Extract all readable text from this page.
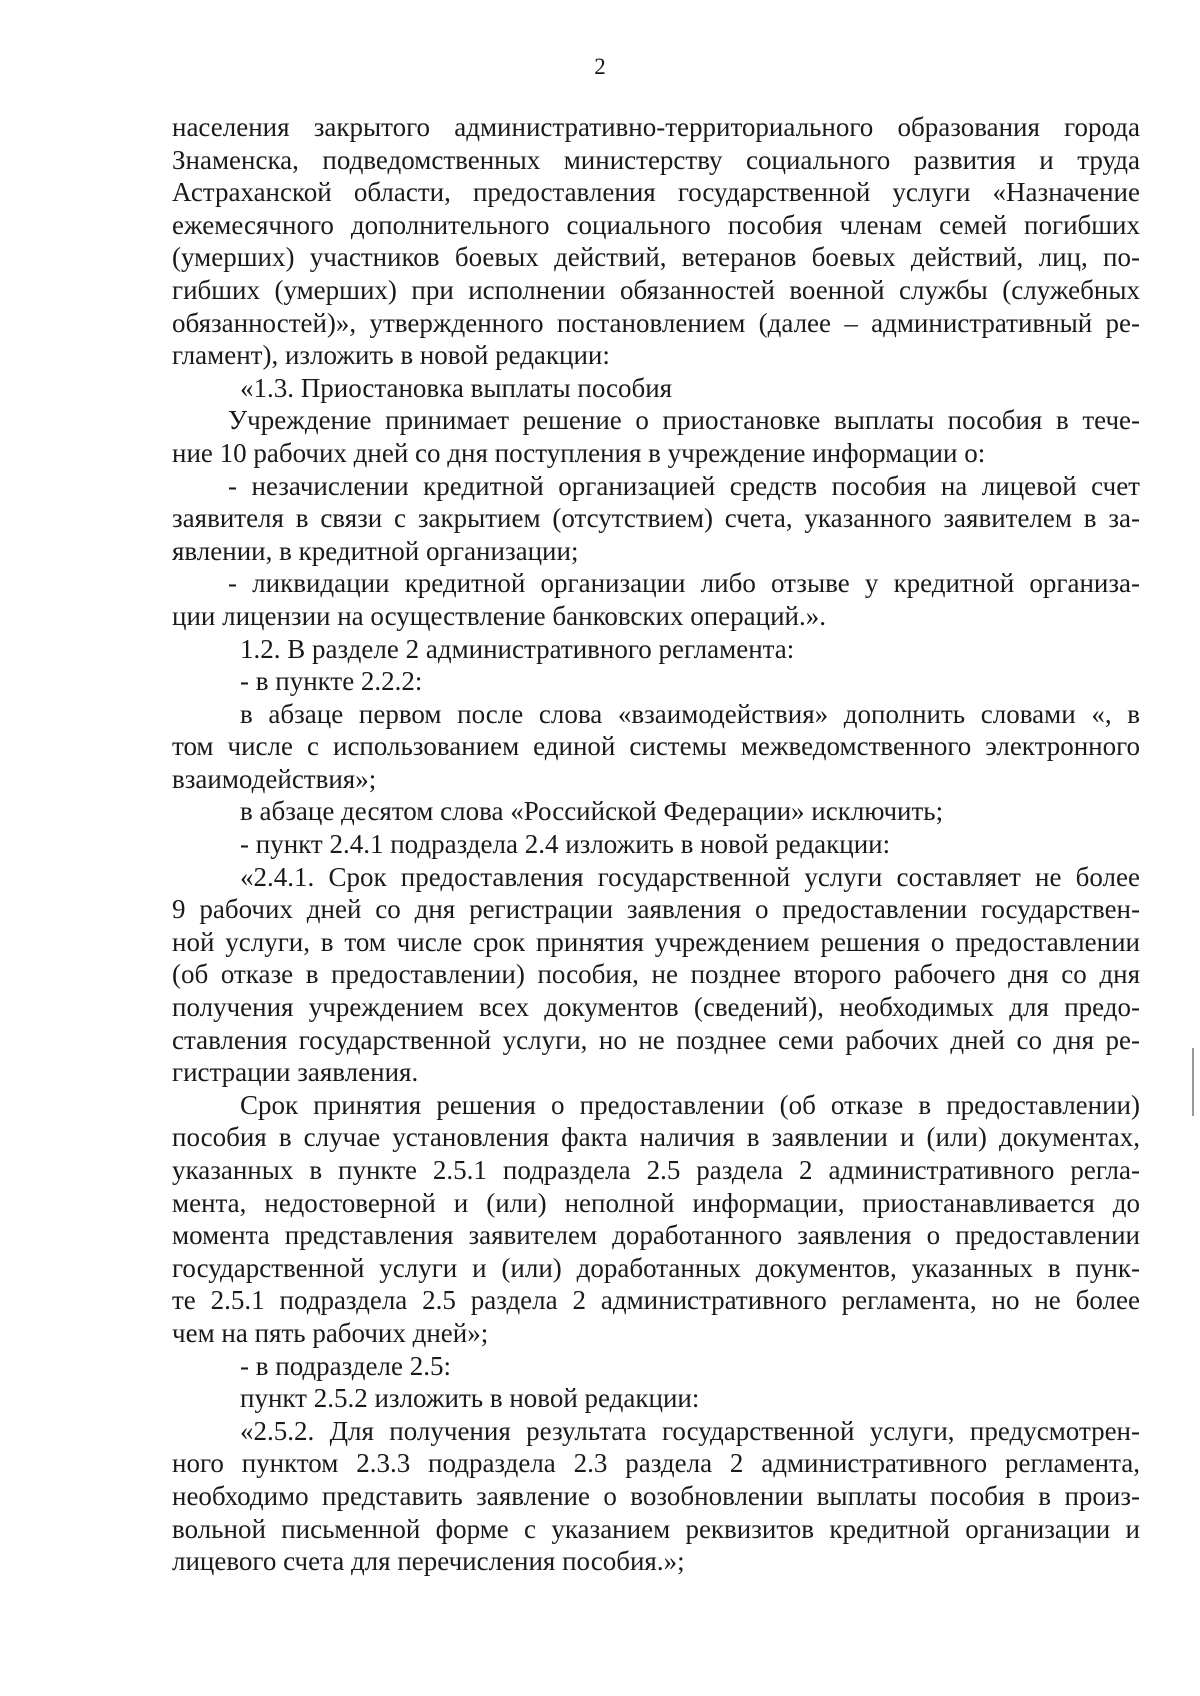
2
населения закрытого административно-территориального образования города
Знаменска, подведомственных министерству социального развития и труда
Астраханской области, предоставления государственной услуги «Назначение
ежемесячного дополнительного социального пособия членам семей погибших
(умерших) участников боевых действий, ветеранов боевых действий, лиц, по-
гибших (умерших) при исполнении обязанностей военной службы (служебных
обязанностей)», утвержденного постановлением (далее – административный ре-
гламент), изложить в новой редакции:
«1.3. Приостановка выплаты пособия
Учреждение принимает решение о приостановке выплаты пособия в тече-
ние 10 рабочих дней со дня поступления в учреждение информации о:
- незачислении кредитной организацией средств пособия на лицевой счет
заявителя в связи с закрытием (отсутствием) счета, указанного заявителем в за-
явлении, в кредитной организации;
- ликвидации кредитной организации либо отзыве у кредитной организа-
ции лицензии на осуществление банковских операций.».
1.2. В разделе 2 административного регламента:
- в пункте 2.2.2:
в абзаце первом после слова «взаимодействия» дополнить словами «, в
том числе с использованием единой системы межведомственного электронного
взаимодействия»;
в абзаце десятом слова «Российской Федерации» исключить;
- пункт 2.4.1 подраздела 2.4 изложить в новой редакции:
«2.4.1. Срок предоставления государственной услуги составляет не более
9 рабочих дней со дня регистрации заявления о предоставлении государствен-
ной услуги, в том числе срок принятия учреждением решения о предоставлении
(об отказе в предоставлении) пособия, не позднее второго рабочего дня со дня
получения учреждением всех документов (сведений), необходимых для предо-
ставления государственной услуги, но не позднее семи рабочих дней со дня ре-
гистрации заявления.
Срок принятия решения о предоставлении (об отказе в предоставлении)
пособия в случае установления факта наличия в заявлении и (или) документах,
указанных в пункте 2.5.1 подраздела 2.5 раздела 2 административного регла-
мента, недостоверной и (или) неполной информации, приостанавливается до
момента представления заявителем доработанного заявления о предоставлении
государственной услуги и (или) доработанных документов, указанных в пунк-
те 2.5.1 подраздела 2.5 раздела 2 административного регламента, но не более
чем на пять рабочих дней»;
- в подразделе 2.5:
пункт 2.5.2 изложить в новой редакции:
«2.5.2. Для получения результата государственной услуги, предусмотрен-
ного пунктом 2.3.3 подраздела 2.3 раздела 2 административного регламента,
необходимо представить заявление о возобновлении выплаты пособия в произ-
вольной письменной форме с указанием реквизитов кредитной организации и
лицевого счета для перечисления пособия.»;
